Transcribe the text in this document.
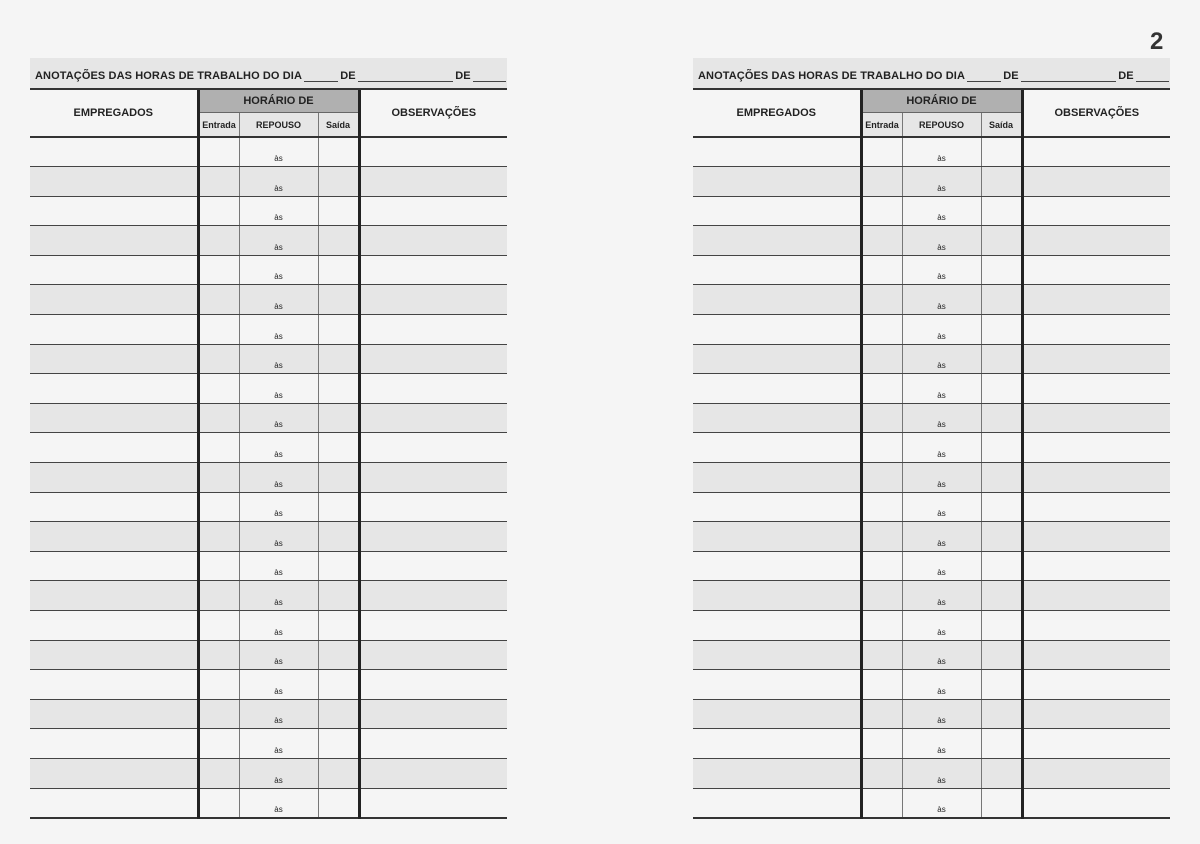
2
ANOTAÇÕES DAS HORAS DE TRABALHO DO DIA	DE	DE
EMPREGADOS	HORÁRIO DE			OBSERVAÇÕES
	Entrada	REPOUSO	Saída	
		às		
		às		
		às		
		às		
		às		
		às		
		às		
		às		
		às		
		às		
		às		
		às		
		às		
		às		
		às		
		às		
		às		
		às		
		às		
		às		
		às		
		às		
		às		
ANOTAÇÕES DAS HORAS DE TRABALHO DO DIA	DE	DE
EMPREGADOS	HORÁRIO DE			OBSERVAÇÕES
	Entrada	REPOUSO	Saída	
		às		
		às		
		às		
		às		
		às		
		às		
		às		
		às		
		às		
		às		
		às		
		às		
		às		
		às		
		às		
		às		
		às		
		às		
		às		
		às		
		às		
		às		
		às		
